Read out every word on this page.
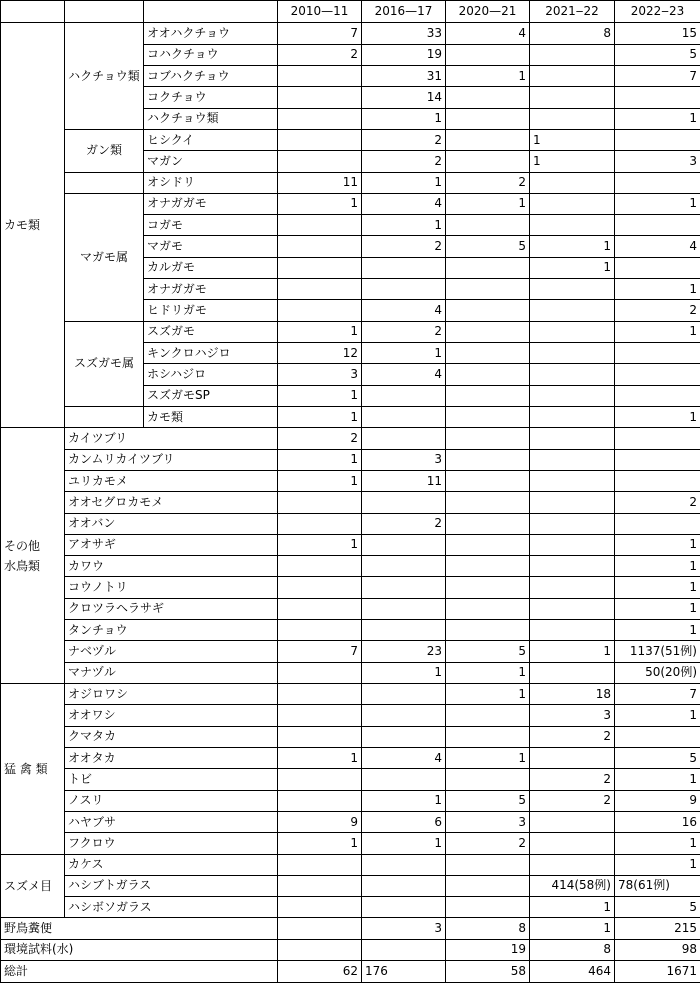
			2010—11	2016—17	2020—21	2021‒22	2022‒23
カモ類	ハクチョウ類	オオハクチョウ	7	33	4	8	15
		コハクチョウ	2	19			5
		コブハクチョウ		31	1		7
		コクチョウ		14			
		ハクチョウ類		1			1
	ガン類	ヒシクイ		2		1	
		マガン		2		1	3
		オシドリ	11	1	2		
	マガモ属	オナガガモ	1	4	1		1
		コガモ		1			
		マガモ		2	5	1	4
		カルガモ				1	
		オナガガモ					1
		ヒドリガモ		4			2
	スズガモ属	スズガモ	1	2			1
		キンクロハジロ	12	1			
		ホシハジロ	3	4			
		スズガモSP	1				
		カモ類	1				1
その他
水鳥類	カイツブリ		2				
	カンムリカイツブリ		1	3			
	ユリカモメ		1	11			
	オオセグロカモメ						2
	オオバン			2			
	アオサギ		1				1
	カワウ						1
	コウノトリ						1
	クロツラヘラサギ						1
	タンチョウ						1
	ナベヅル		7	23	5	1	1137(51例)
	マナヅル			1	1		50(20例)
猛 禽 類	オジロワシ				1	18	7
	オオワシ					3	1
	クマタカ					2	
	オオタカ		1	4	1		5
	トビ					2	1
	ノスリ			1	5	2	9
	ハヤブサ		9	6	3		16
	フクロウ		1	1	2		1
スズメ目	カケス						1
	ハシブトガラス					414(58例)	78(61例)
	ハシボソガラス					1	5
野鳥糞便				3	8	1	215
環境試料(水)					19	8	98
総計			62	176	58	464	1671
